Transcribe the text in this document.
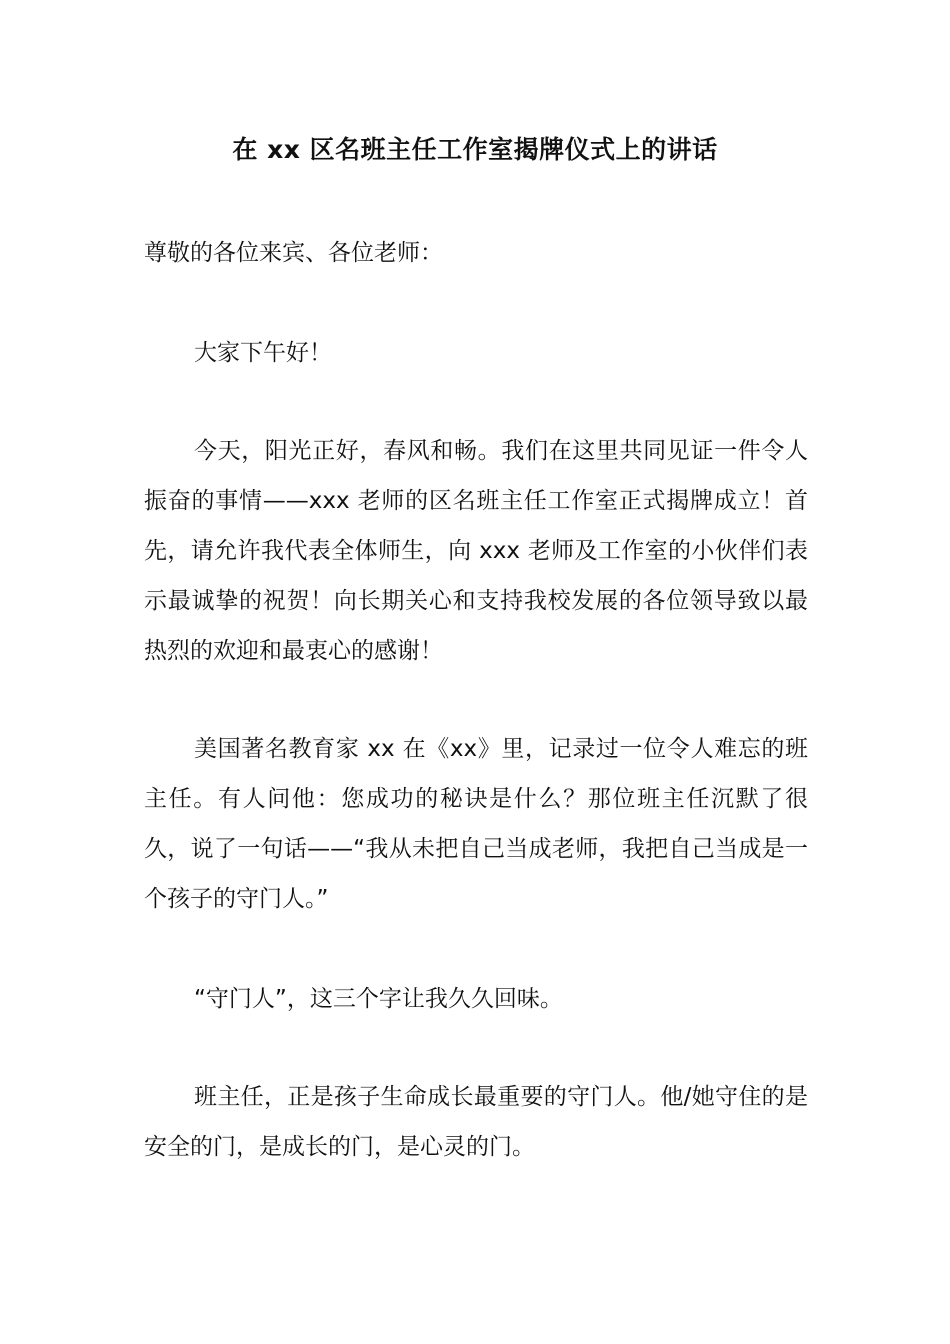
在 xx 区名班主任工作室揭牌仪式上的讲话

尊敬的各位来宾、各位老师：

大家下午好！

今天，阳光正好，春风和畅。我们在这里共同见证一件令人振奋的事情——xxx 老师的区名班主任工作室正式揭牌成立！首先，请允许我代表全体师生，向 xxx 老师及工作室的小伙伴们表示最诚挚的祝贺！向长期关心和支持我校发展的各位领导致以最热烈的欢迎和最衷心的感谢！

美国著名教育家 xx 在《xx》里，记录过一位令人难忘的班主任。有人问他：您成功的秘诀是什么？那位班主任沉默了很久，说了一句话——“我从未把自己当成老师，我把自己当成是一个孩子的守门人。”

“守门人”，这三个字让我久久回味。

班主任，正是孩子生命成长最重要的守门人。他/她守住的是安全的门，是成长的门，是心灵的门。
